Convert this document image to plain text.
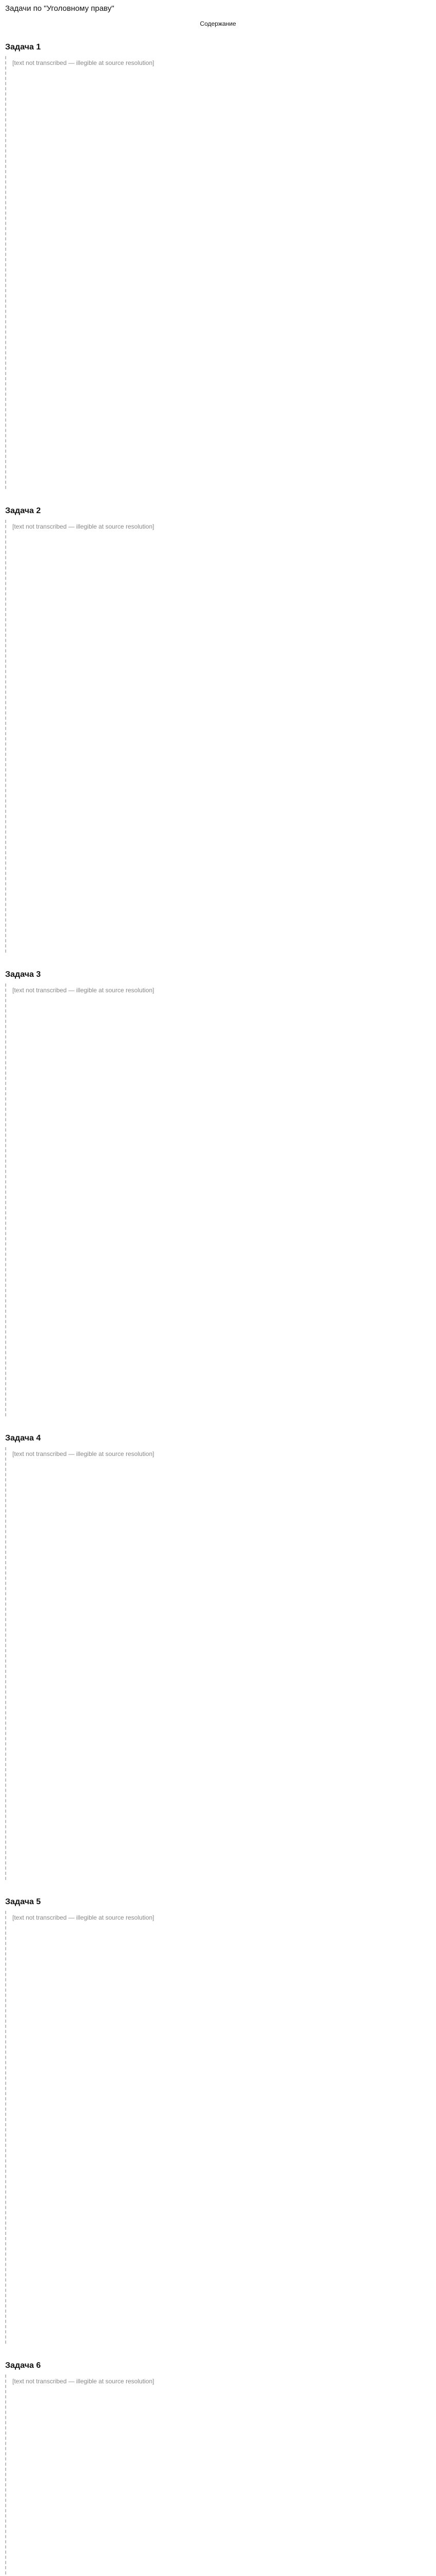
Задачи по "Уголовному праву"
Содержание
Задача 1

[text not transcribed — illegible at source resolution]

Задача 2

[text not transcribed — illegible at source resolution]

Задача 3

[text not transcribed — illegible at source resolution]

Задача 4

[text not transcribed — illegible at source resolution]

Задача 5

[text not transcribed — illegible at source resolution]

Задача 6

[text not transcribed — illegible at source resolution]
